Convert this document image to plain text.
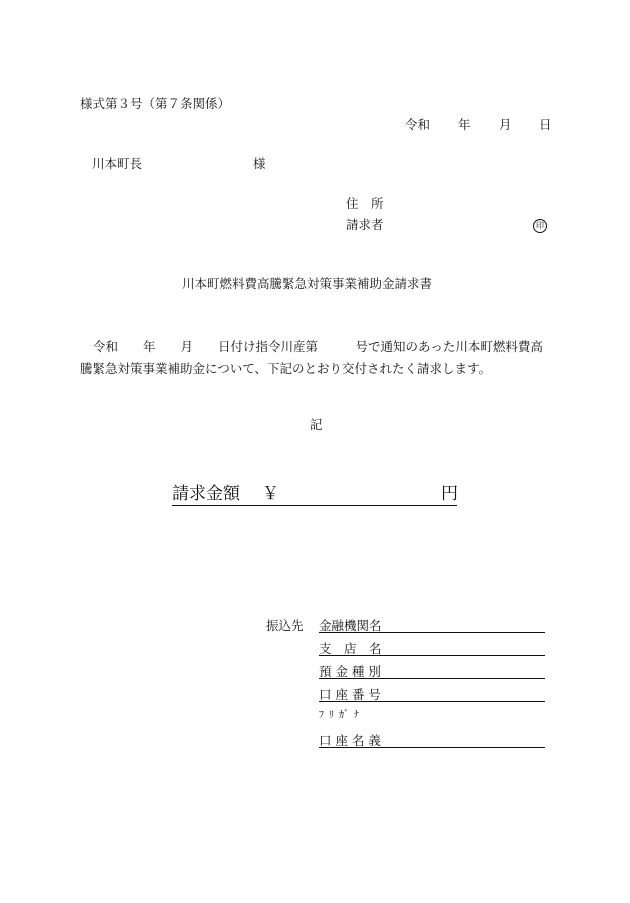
様式第３号（第７条関係）
令和 年 月 日
川本町長	様
住　所
請求者	印
川本町燃料費高騰緊急対策事業補助金請求書
令和　　年　　月　　日付け指令川産第　　　号で通知のあった川本町燃料費高騰緊急対策事業補助金について、下記のとおり交付されたく請求します。
記
請求金額 ￥	円
振込先 金融機関名
支　店　名
預 金 種 別
口 座 番 号
ﾌﾘｶﾞﾅ
口 座 名 義
